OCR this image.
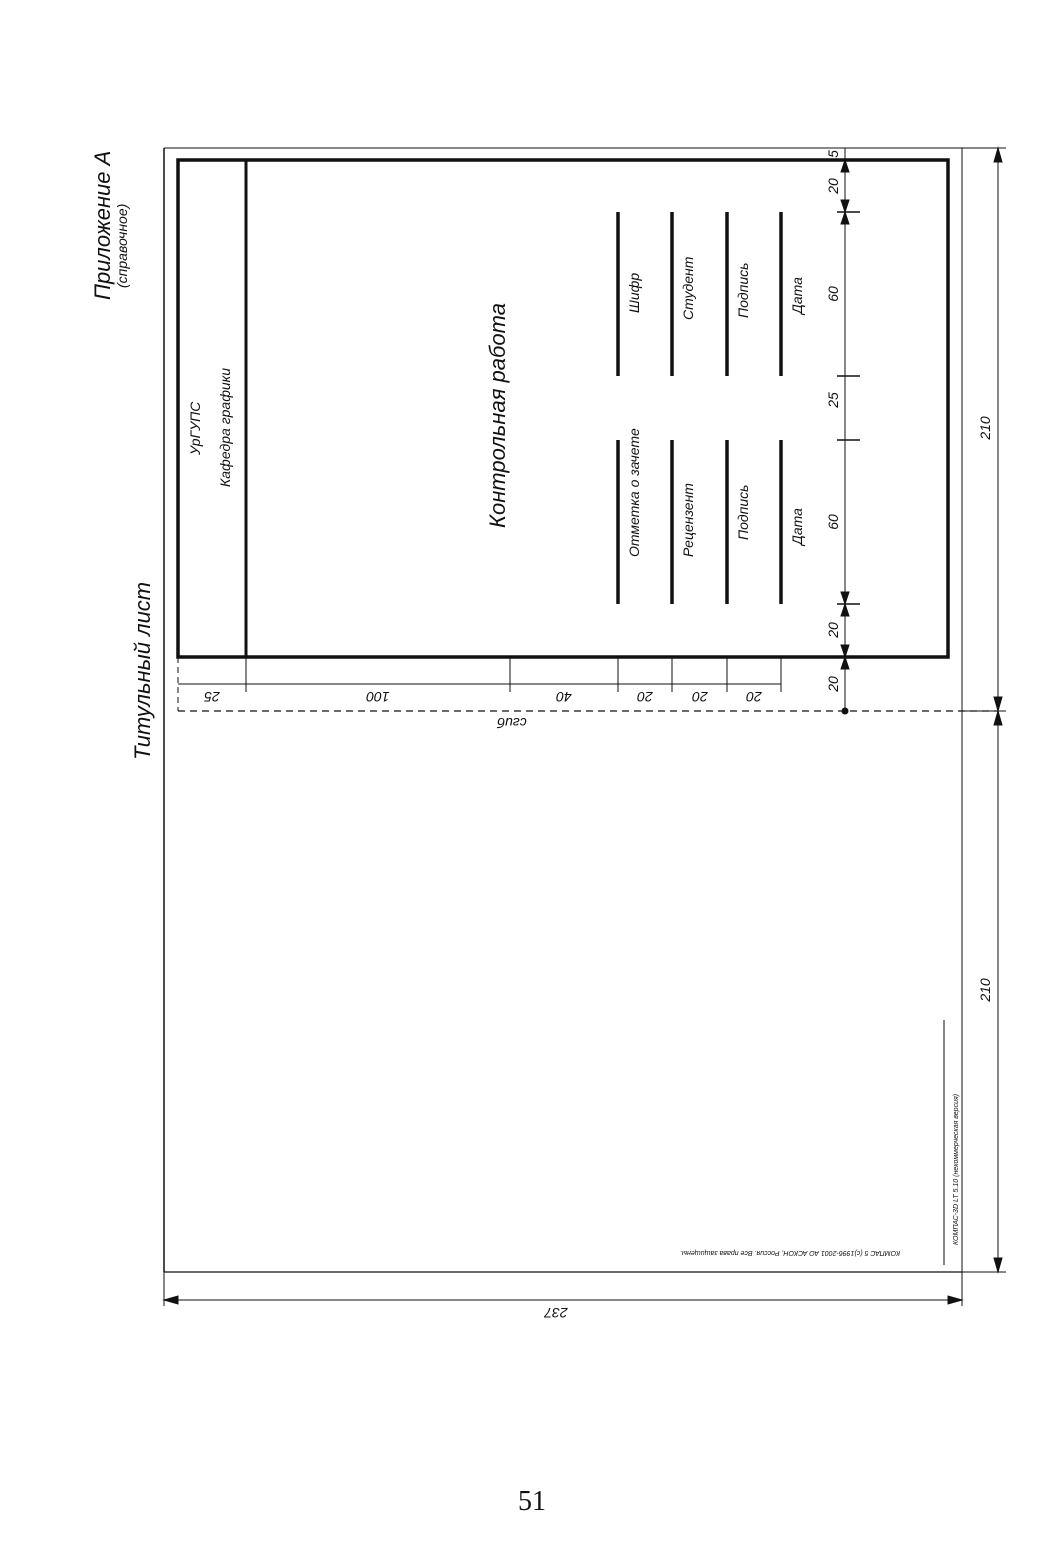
Приложение А (справочное)
Титульный лист
УрГУПС Кафедра графики	Контрольная работа	Отметка о зачете	Рецензент	Подпись	Дата
Шифр	Студент	Подпись	Дата
25	100	40	20	20	20
сгиб
5
20
60
25
60
20
20
210
210
237
КОМПАС-3D LT 5.10 (некоммерческая версия)
КОМПАС 5 (c)1996-2001 АО АСКОН, Россия. Все права защищены.
51
